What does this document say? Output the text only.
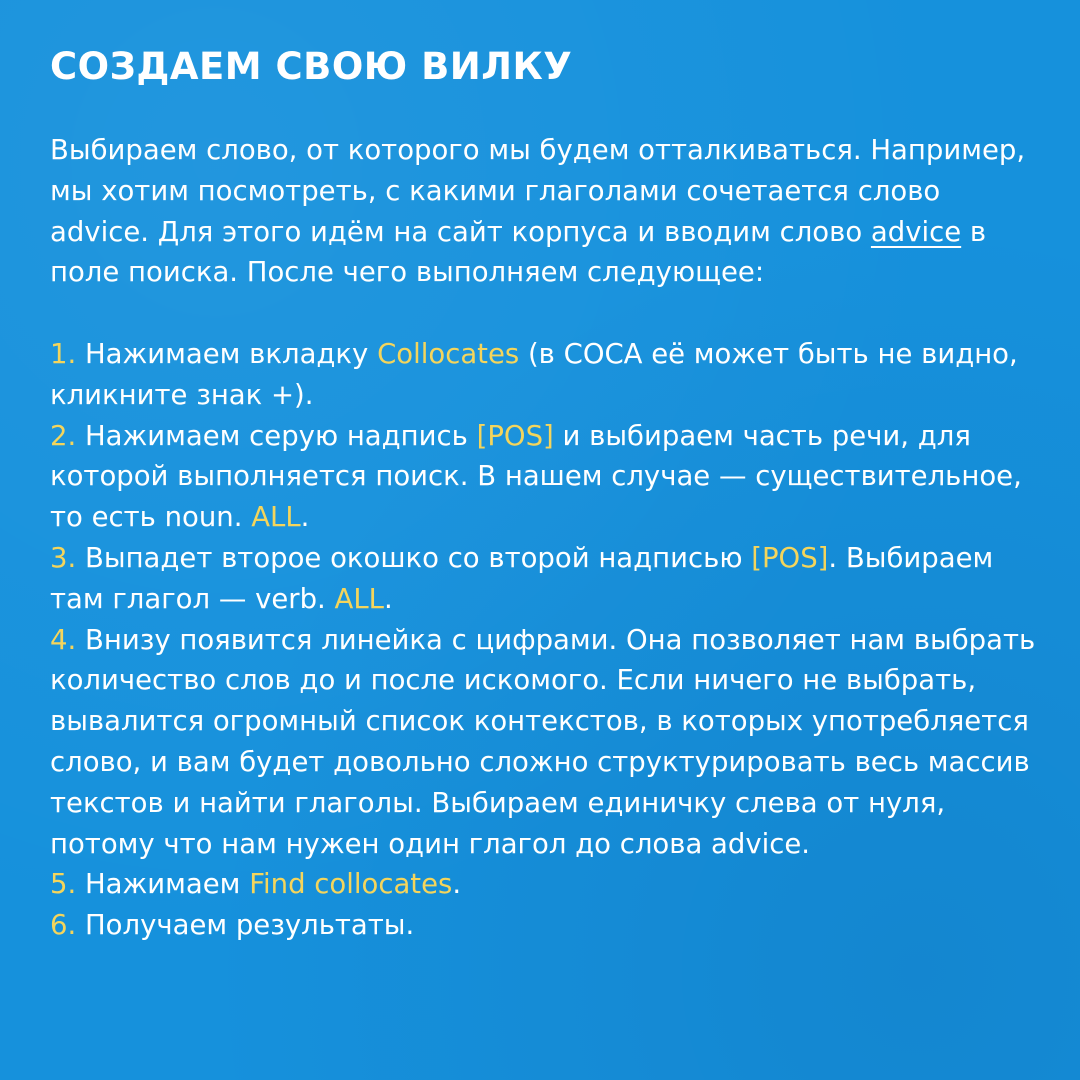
СОЗДАЕМ СВОЮ ВИЛКУ

Выбираем слово, от которого мы будем отталкиваться. Например, мы хотим посмотреть, с какими глаголами сочетается слово advice. Для этого идём на сайт корпуса и вводим слово advice в поле поиска. После чего выполняем следующее:

1. Нажимаем вкладку Collocates (в COCA её может быть не видно, кликните знак +).

2. Нажимаем серую надпись [POS] и выбираем часть речи, для которой выполняется поиск. В нашем случае — существительное, то есть noun. ALL.

3. Выпадет второе окошко со второй надписью [POS]. Выбираем там глагол — verb. ALL.

4. Внизу появится линейка с цифрами. Она позволяет нам выбрать количество слов до и после искомого. Если ничего не выбрать, вывалится огромный список контекстов, в которых употребляется слово, и вам будет довольно сложно структурировать весь массив текстов и найти глаголы. Выбираем единичку слева от нуля, потому что нам нужен один глагол до слова advice.

5. Нажимаем Find collocates.

6. Получаем результаты.
